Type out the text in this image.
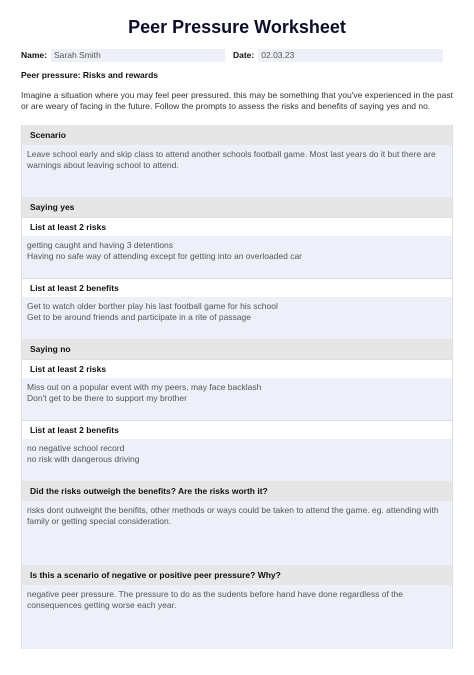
Peer Pressure Worksheet
Name: Sarah Smith	Date: 02.03.23
Peer pressure: Risks and rewards

Imagine a situation where you may feel peer pressured. this may be something that you've experienced in the past or are weary of facing in the future. Follow the prompts to assess the risks and benefits of saying yes and no.

Scenario
Leave school early and skip class to attend another schools football game. Most last years do it but there are warnings about leaving school to attend.
Saying yes
List at least 2 risks
getting caught and having 3 detentions
Having no safe way of attending except for getting into an overloaded car
List at least 2 benefits
Get to watch older borther play his last football game for his school
Get to be around friends and participate in a rite of passage
Saying no
List at least 2 risks
Miss out on a popular event with my peers, may face backlash
Don't get to be there to support my brother
List at least 2 benefits
no negative school record
no risk with dangerous driving
Did the risks outweigh the benefits? Are the risks worth it?
risks dont outweight the benifits, other methods or ways could be taken to attend the game. eg. attending with family or getting special consideration.
Is this a scenario of negative or positive peer pressure? Why?
negative peer pressure. The pressure to do as the sudents before hand have done regardless of the consequences getting worse each year.
